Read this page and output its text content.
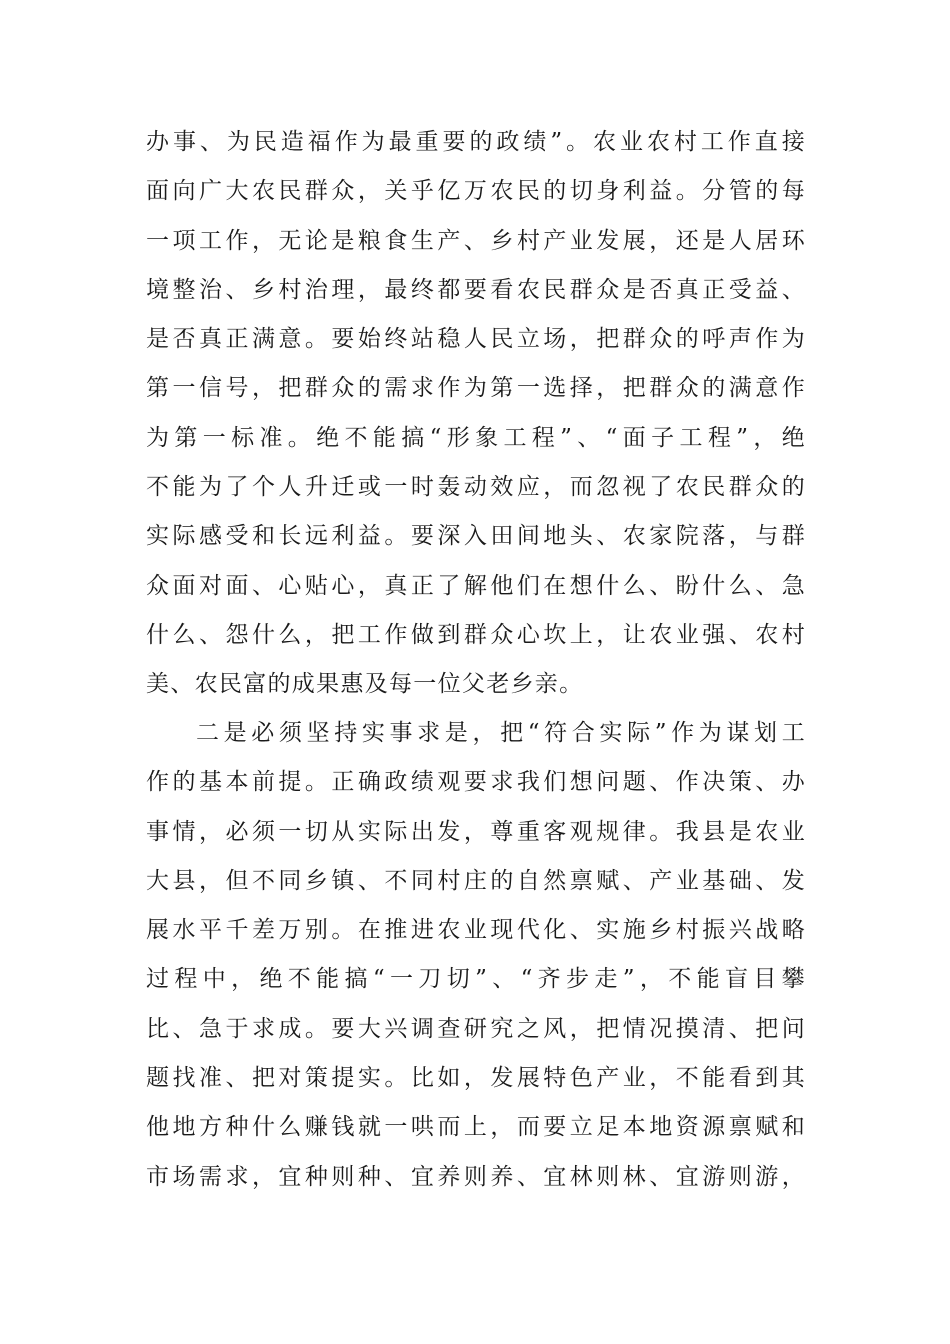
办事、为民造福作为最重要的政绩”。农业农村工作直接
面向广大农民群众，关乎亿万农民的切身利益。分管的每
一项工作，无论是粮食生产、乡村产业发展，还是人居环
境整治、乡村治理，最终都要看农民群众是否真正受益、
是否真正满意。要始终站稳人民立场，把群众的呼声作为
第一信号，把群众的需求作为第一选择，把群众的满意作
为第一标准。绝不能搞“形象工程”、“面子工程”，绝
不能为了个人升迁或一时轰动效应，而忽视了农民群众的
实际感受和长远利益。要深入田间地头、农家院落，与群
众面对面、心贴心，真正了解他们在想什么、盼什么、急
什么、怨什么，把工作做到群众心坎上，让农业强、农村
美、农民富的成果惠及每一位父老乡亲。
二是必须坚持实事求是，把“符合实际”作为谋划工
作的基本前提。正确政绩观要求我们想问题、作决策、办
事情，必须一切从实际出发，尊重客观规律。我县是农业
大县，但不同乡镇、不同村庄的自然禀赋、产业基础、发
展水平千差万别。在推进农业现代化、实施乡村振兴战略
过程中，绝不能搞“一刀切”、“齐步走”，不能盲目攀
比、急于求成。要大兴调查研究之风，把情况摸清、把问
题找准、把对策提实。比如，发展特色产业，不能看到其
他地方种什么赚钱就一哄而上，而要立足本地资源禀赋和
市场需求，宜种则种、宜养则养、宜林则林、宜游则游，
